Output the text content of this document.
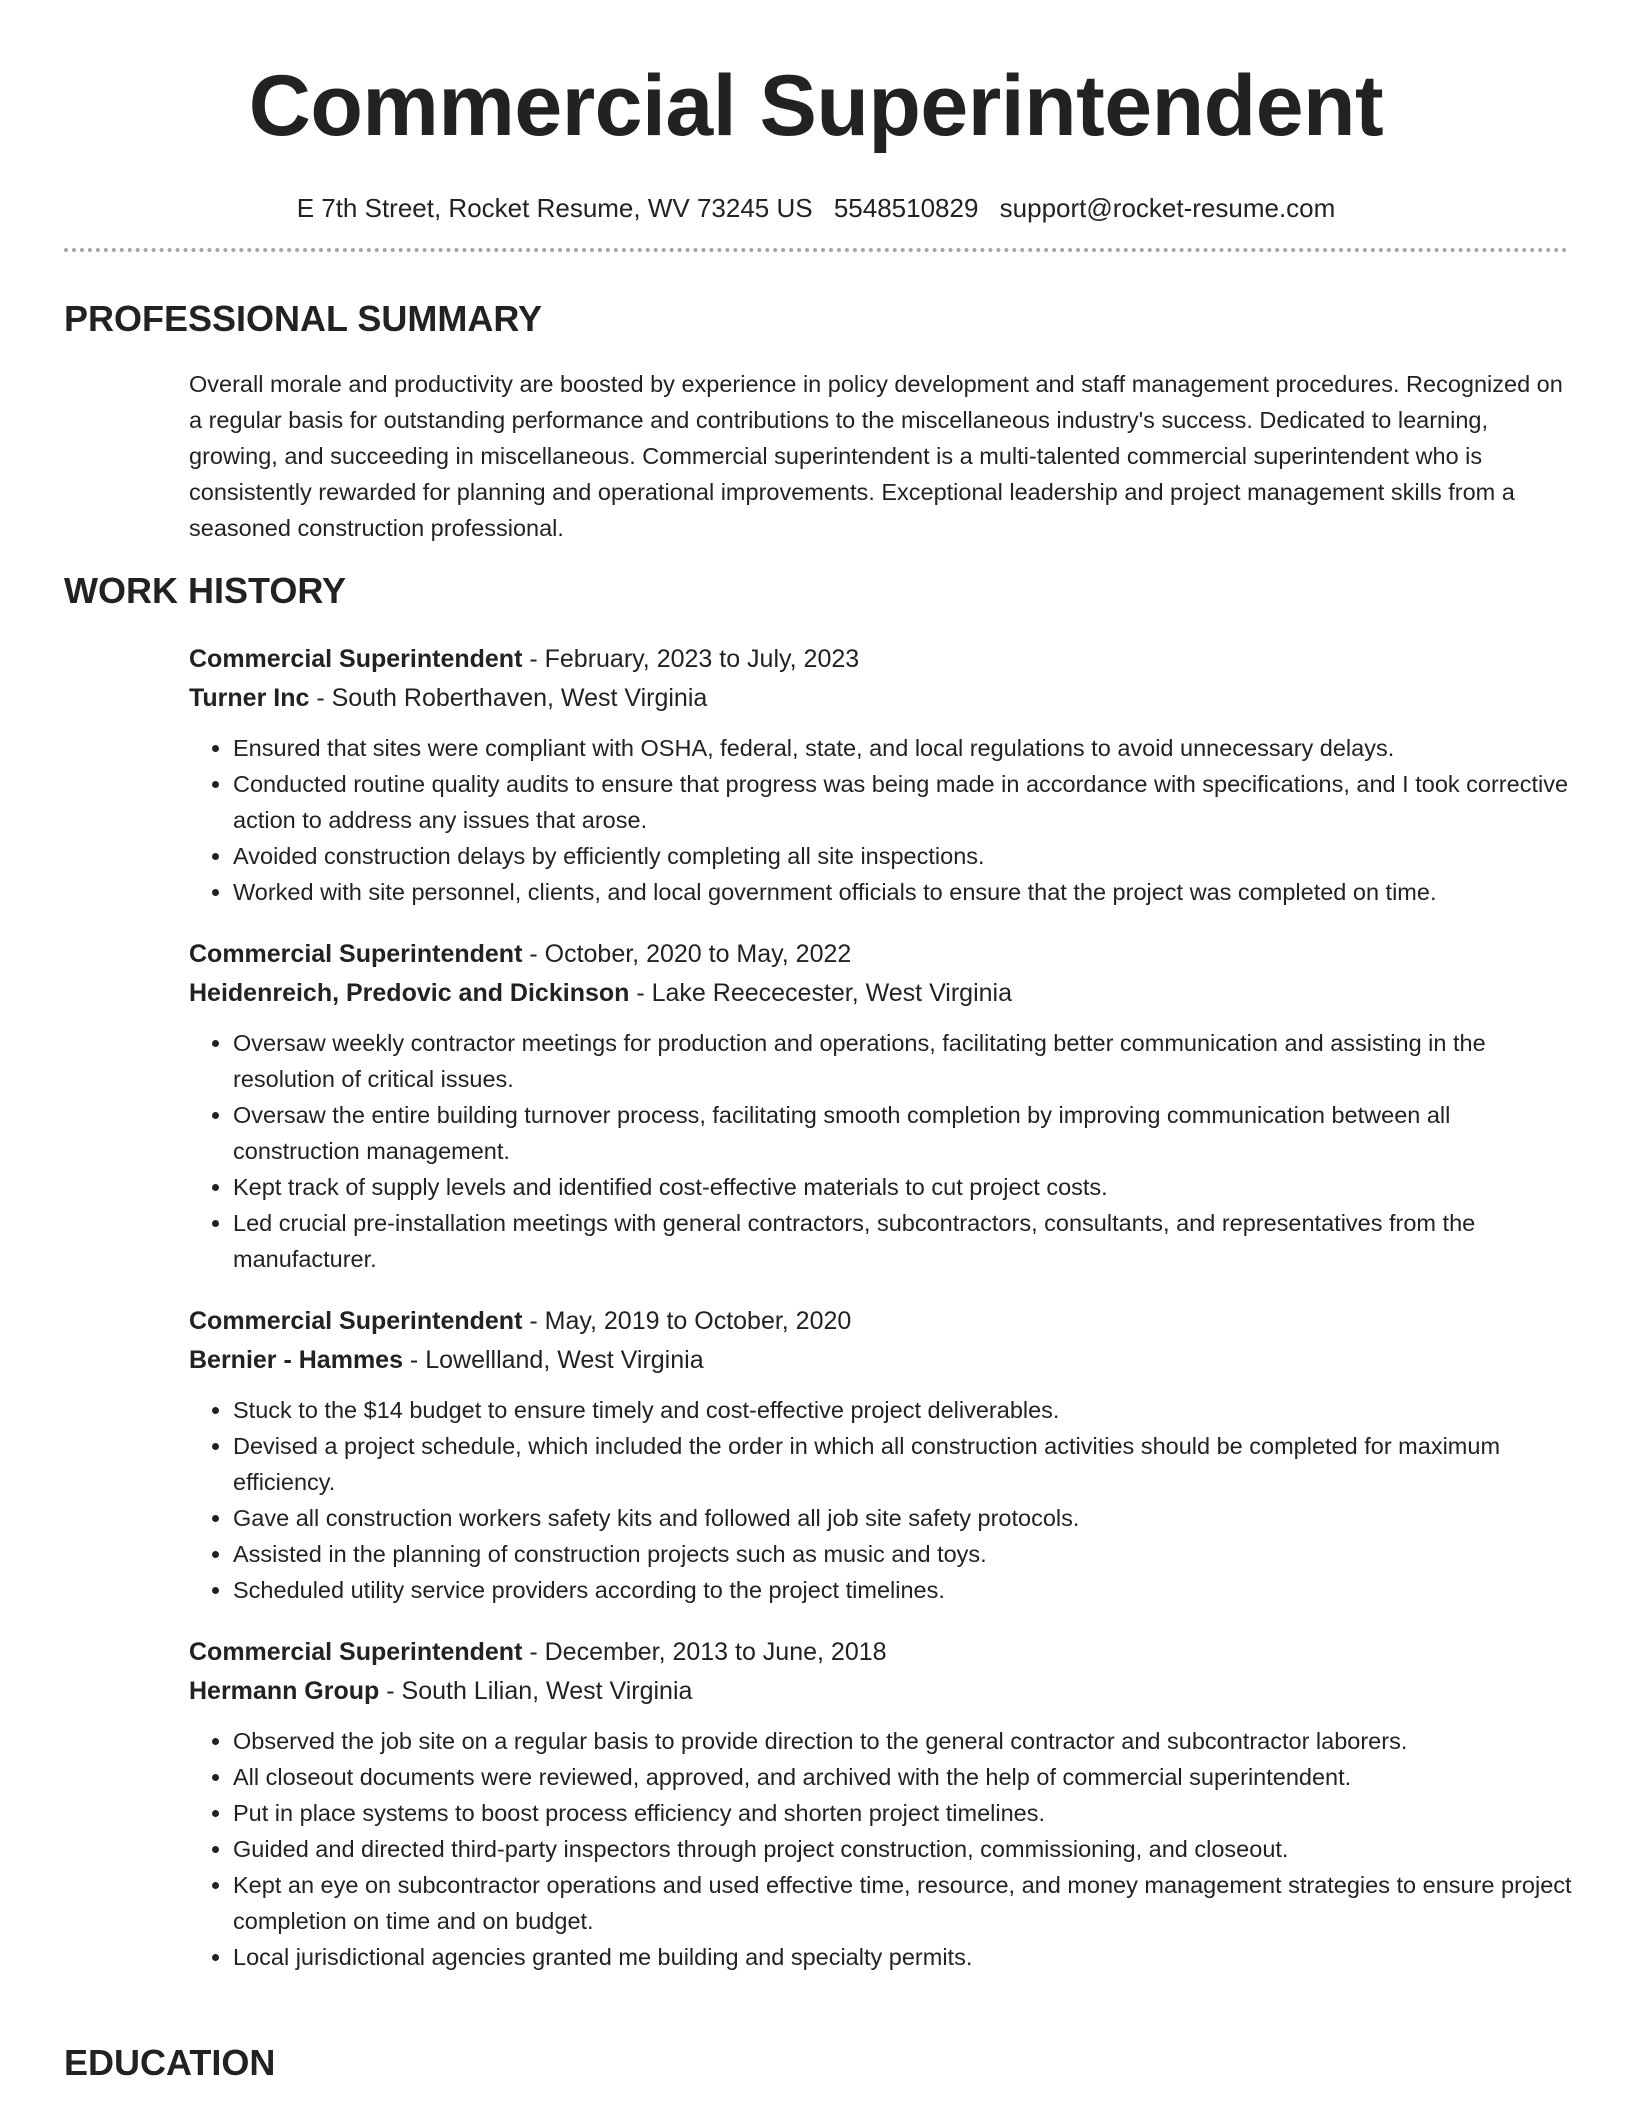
Commercial Superintendent
E 7th Street, Rocket Resume, WV 73245 US 5548510829 support@rocket-resume.com
PROFESSIONAL SUMMARY

Overall morale and productivity are boosted by experience in policy development and staff management procedures. Recognized on a regular basis for outstanding performance and contributions to the miscellaneous industry's success. Dedicated to learning, growing, and succeeding in miscellaneous. Commercial superintendent is a multi-talented commercial superintendent who is consistently rewarded for planning and operational improvements. Exceptional leadership and project management skills from a seasoned construction professional.

WORK HISTORY
Commercial Superintendent - February, 2023 to July, 2023
Turner Inc - South Roberthaven, West Virginia
• Ensured that sites were compliant with OSHA, federal, state, and local regulations to avoid unnecessary delays.
• Conducted routine quality audits to ensure that progress was being made in accordance with specifications, and I took corrective action to address any issues that arose.
• Avoided construction delays by efficiently completing all site inspections.
• Worked with site personnel, clients, and local government officials to ensure that the project was completed on time.
Commercial Superintendent - October, 2020 to May, 2022
Heidenreich, Predovic and Dickinson - Lake Reececester, West Virginia
• Oversaw weekly contractor meetings for production and operations, facilitating better communication and assisting in the resolution of critical issues.
• Oversaw the entire building turnover process, facilitating smooth completion by improving communication between all construction management.
• Kept track of supply levels and identified cost-effective materials to cut project costs.
• Led crucial pre-installation meetings with general contractors, subcontractors, consultants, and representatives from the manufacturer.
Commercial Superintendent - May, 2019 to October, 2020
Bernier - Hammes - Lowellland, West Virginia
• Stuck to the $14 budget to ensure timely and cost-effective project deliverables.
• Devised a project schedule, which included the order in which all construction activities should be completed for maximum efficiency.
• Gave all construction workers safety kits and followed all job site safety protocols.
• Assisted in the planning of construction projects such as music and toys.
• Scheduled utility service providers according to the project timelines.
Commercial Superintendent - December, 2013 to June, 2018
Hermann Group - South Lilian, West Virginia
• Observed the job site on a regular basis to provide direction to the general contractor and subcontractor laborers.
• All closeout documents were reviewed, approved, and archived with the help of commercial superintendent.
• Put in place systems to boost process efficiency and shorten project timelines.
• Guided and directed third-party inspectors through project construction, commissioning, and closeout.
• Kept an eye on subcontractor operations and used effective time, resource, and money management strategies to ensure project completion on time and on budget.
• Local jurisdictional agencies granted me building and specialty permits.
EDUCATION
